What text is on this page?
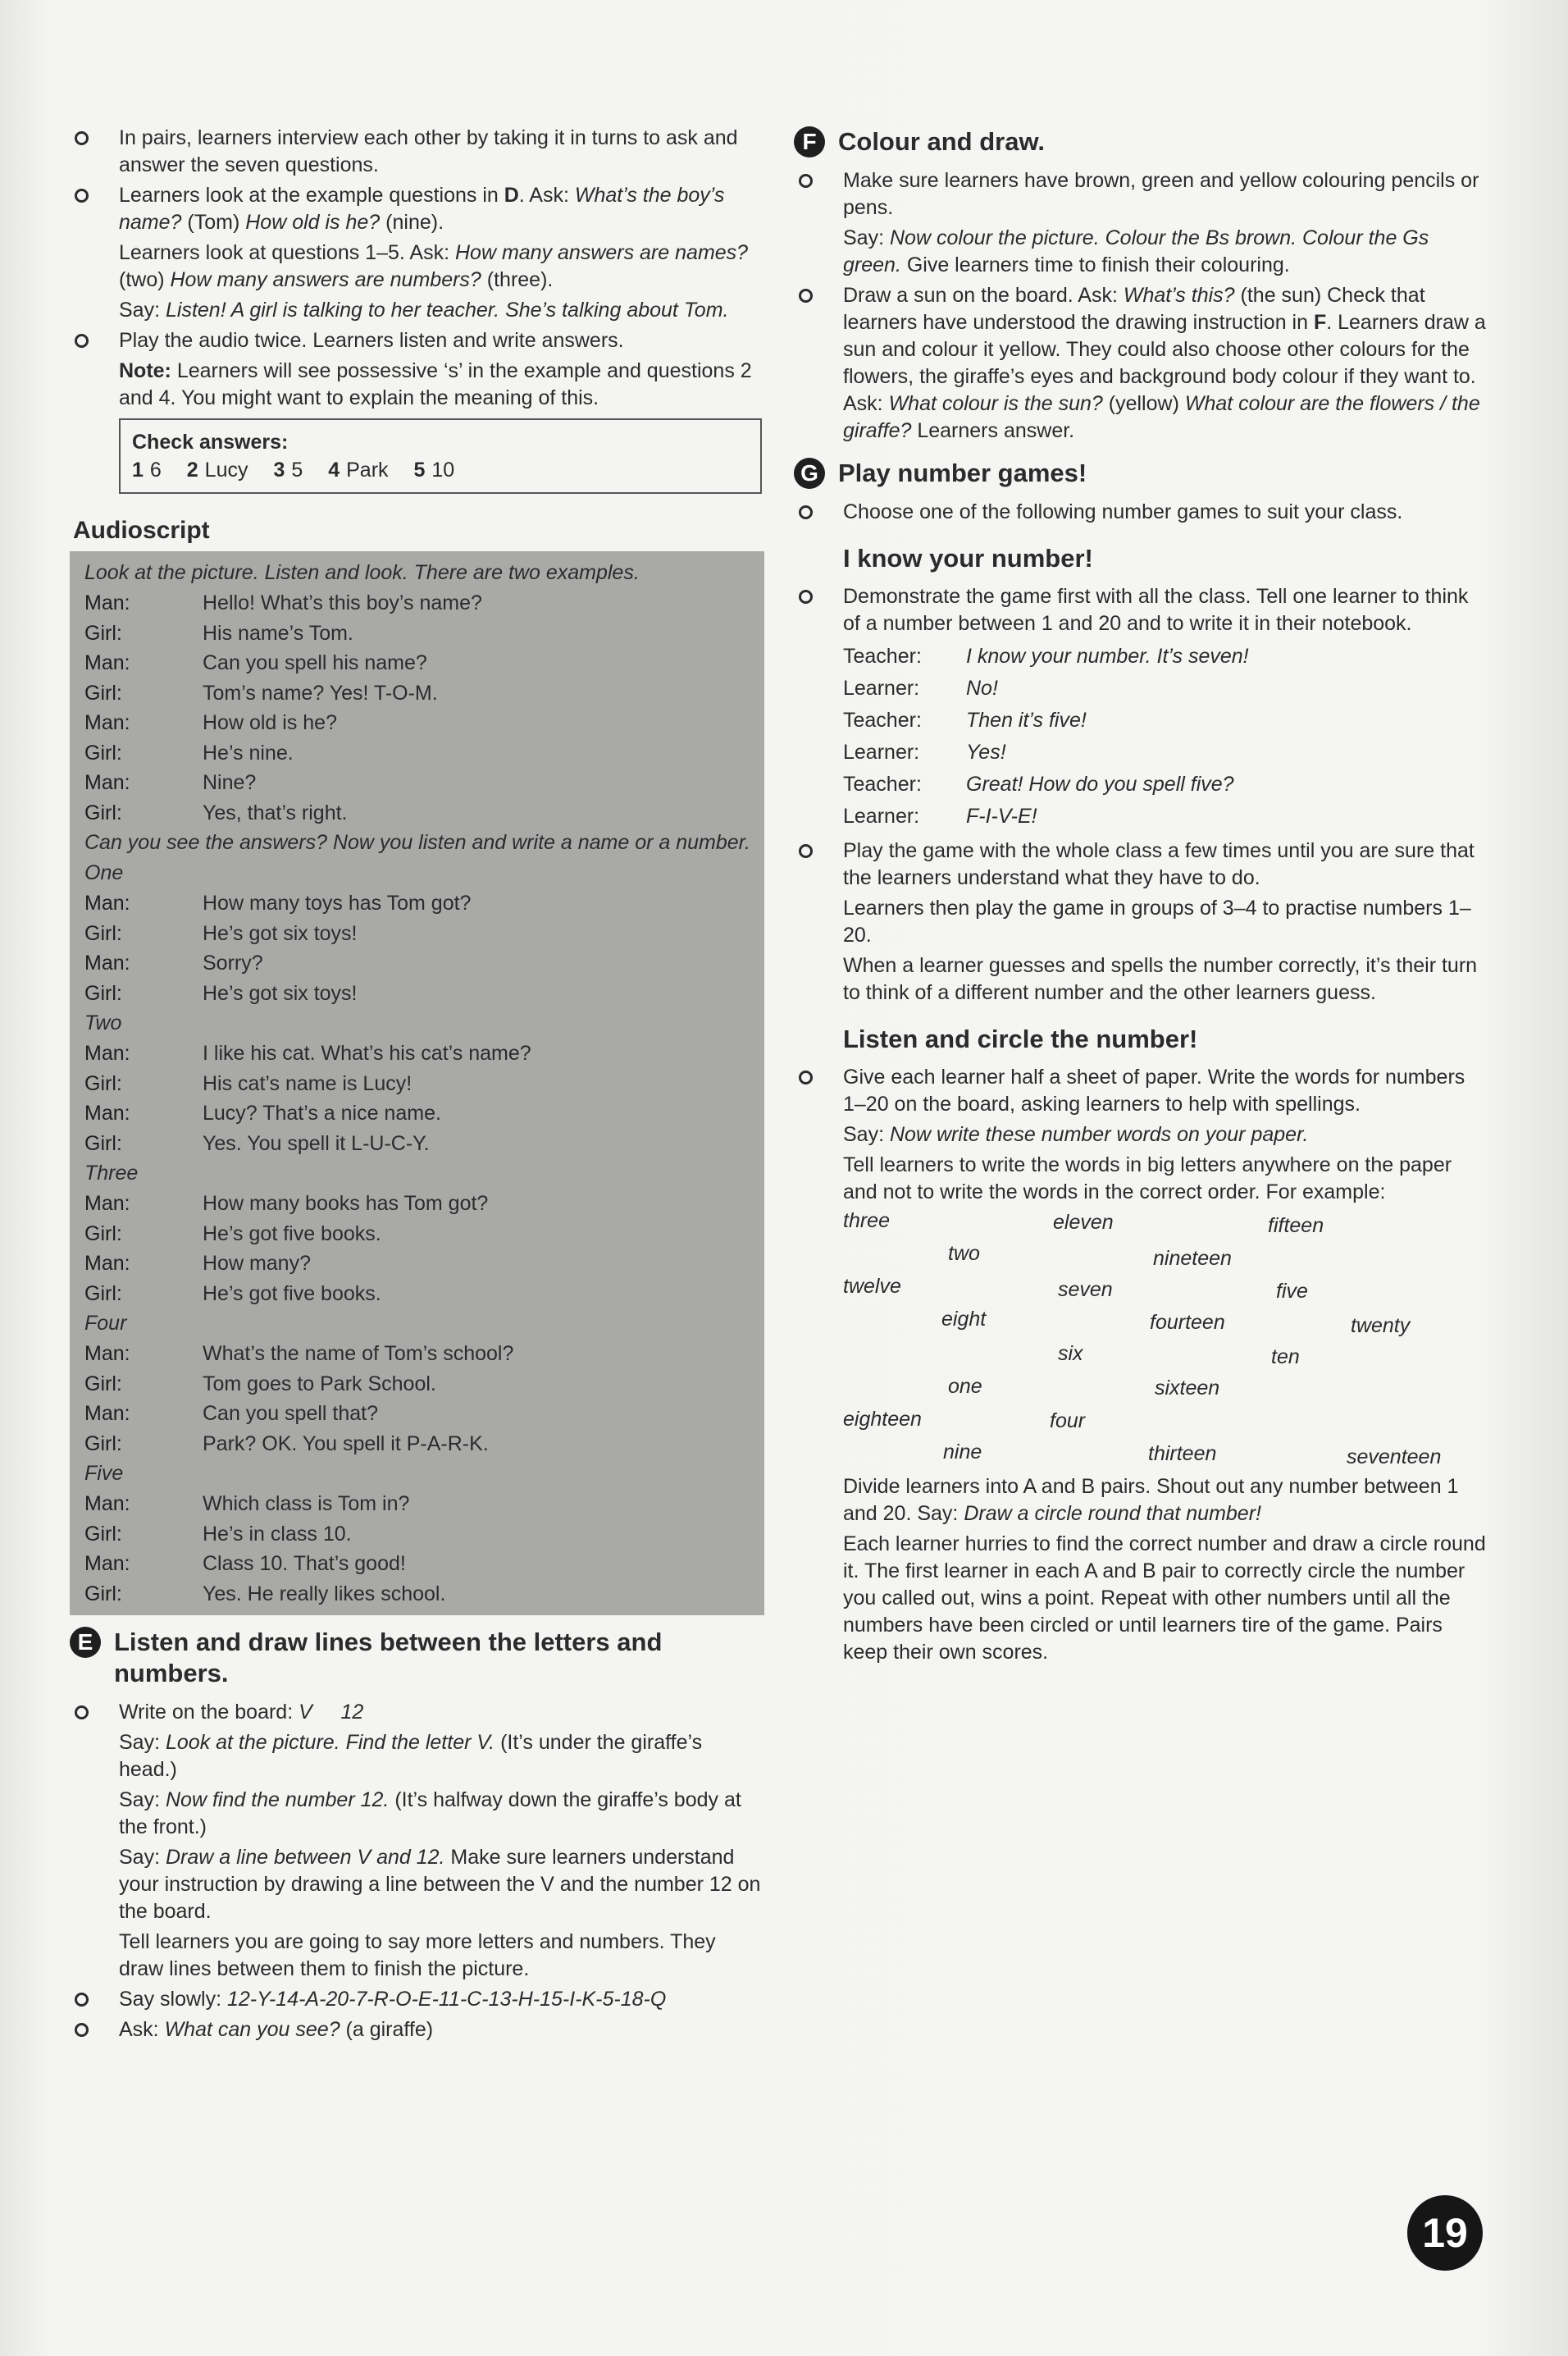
In pairs, learners interview each other by taking it in turns to ask and answer the seven questions.

Learners look at the example questions in D. Ask: What’s the boy’s name? (Tom) How old is he? (nine).

Learners look at questions 1–5. Ask: How many answers are names? (two) How many answers are numbers? (three).

Say: Listen! A girl is talking to her teacher. She’s talking about Tom.

Play the audio twice. Learners listen and write answers.

Note: Learners will see possessive ‘s’ in the example and questions 2 and 4. You might want to explain the meaning of this.

Check answers:
1 6 2 Lucy 3 5 4 Park 5 10
Audioscript
Look at the picture. Listen and look. There are two examples.
Man:	Hello! What’s this boy’s name?
Girl:	His name’s Tom.
Man:	Can you spell his name?
Girl:	Tom’s name? Yes! T-O-M.
Man:	How old is he?
Girl:	He’s nine.
Man:	Nine?
Girl:	Yes, that’s right.
Can you see the answers? Now you listen and write a name or a number.
One
Man:	How many toys has Tom got?
Girl:	He’s got six toys!
Man:	Sorry?
Girl:	He’s got six toys!
Two
Man:	I like his cat. What’s his cat’s name?
Girl:	His cat’s name is Lucy!
Man:	Lucy? That’s a nice name.
Girl:	Yes. You spell it L-U-C-Y.
Three
Man:	How many books has Tom got?
Girl:	He’s got five books.
Man:	How many?
Girl:	He’s got five books.
Four
Man:	What’s the name of Tom’s school?
Girl:	Tom goes to Park School.
Man:	Can you spell that?
Girl:	Park? OK. You spell it P-A-R-K.
Five
Man:	Which class is Tom in?
Girl:	He’s in class 10.
Man:	Class 10. That’s good!
Girl:	Yes. He really likes school.
E Listen and draw lines between the letters and numbers.

Write on the board: V     12

Say: Look at the picture. Find the letter V. (It’s under the giraffe’s head.)

Say: Now find the number 12. (It’s halfway down the giraffe’s body at the front.)

Say: Draw a line between V and 12. Make sure learners understand your instruction by drawing a line between the V and the number 12 on the board.

Tell learners you are going to say more letters and numbers. They draw lines between them to finish the picture.

Say slowly: 12-Y-14-A-20-7-R-O-E-11-C-13-H-15-I-K-5-18-Q

Ask: What can you see? (a giraffe)

F Colour and draw.

Make sure learners have brown, green and yellow colouring pencils or pens.

Say: Now colour the picture. Colour the Bs brown. Colour the Gs green. Give learners time to finish their colouring.

Draw a sun on the board. Ask: What’s this? (the sun) Check that learners have understood the drawing instruction in F. Learners draw a sun and colour it yellow. They could also choose other colours for the flowers, the giraffe’s eyes and background body colour if they want to. Ask: What colour is the sun? (yellow) What colour are the flowers / the giraffe? Learners answer.

G Play number games!

Choose one of the following number games to suit your class.

I know your number!

Demonstrate the game first with all the class. Tell one learner to think of a number between 1 and 20 and to write it in their notebook.

Teacher:	I know your number. It’s seven!
Learner:	No!
Teacher:	Then it’s five!
Learner:	Yes!
Teacher:	Great! How do you spell five?
Learner:	F-I-V-E!

Play the game with the whole class a few times until you are sure that the learners understand what they have to do.

Learners then play the game in groups of 3–4 to practise numbers 1–20.

When a learner guesses and spells the number correctly, it’s their turn to think of a different number and the other learners guess.

Listen and circle the number!

Give each learner half a sheet of paper. Write the words for numbers 1–20 on the board, asking learners to help with spellings.

Say: Now write these number words on your paper.

Tell learners to write the words in big letters anywhere on the paper and not to write the words in the correct order. For example:

three	eleven	fifteen
two	nineteen
twelve	seven	five
eight	fourteen	twenty
six	ten
one	sixteen
eighteen	four
nine	thirteen	seventeen

Divide learners into A and B pairs. Shout out any number between 1 and 20. Say: Draw a circle round that number!

Each learner hurries to find the correct number and draw a circle round it. The first learner in each A and B pair to correctly circle the number you called out, wins a point. Repeat with other numbers until all the numbers have been circled or until learners tire of the game. Pairs keep their own scores.

19
